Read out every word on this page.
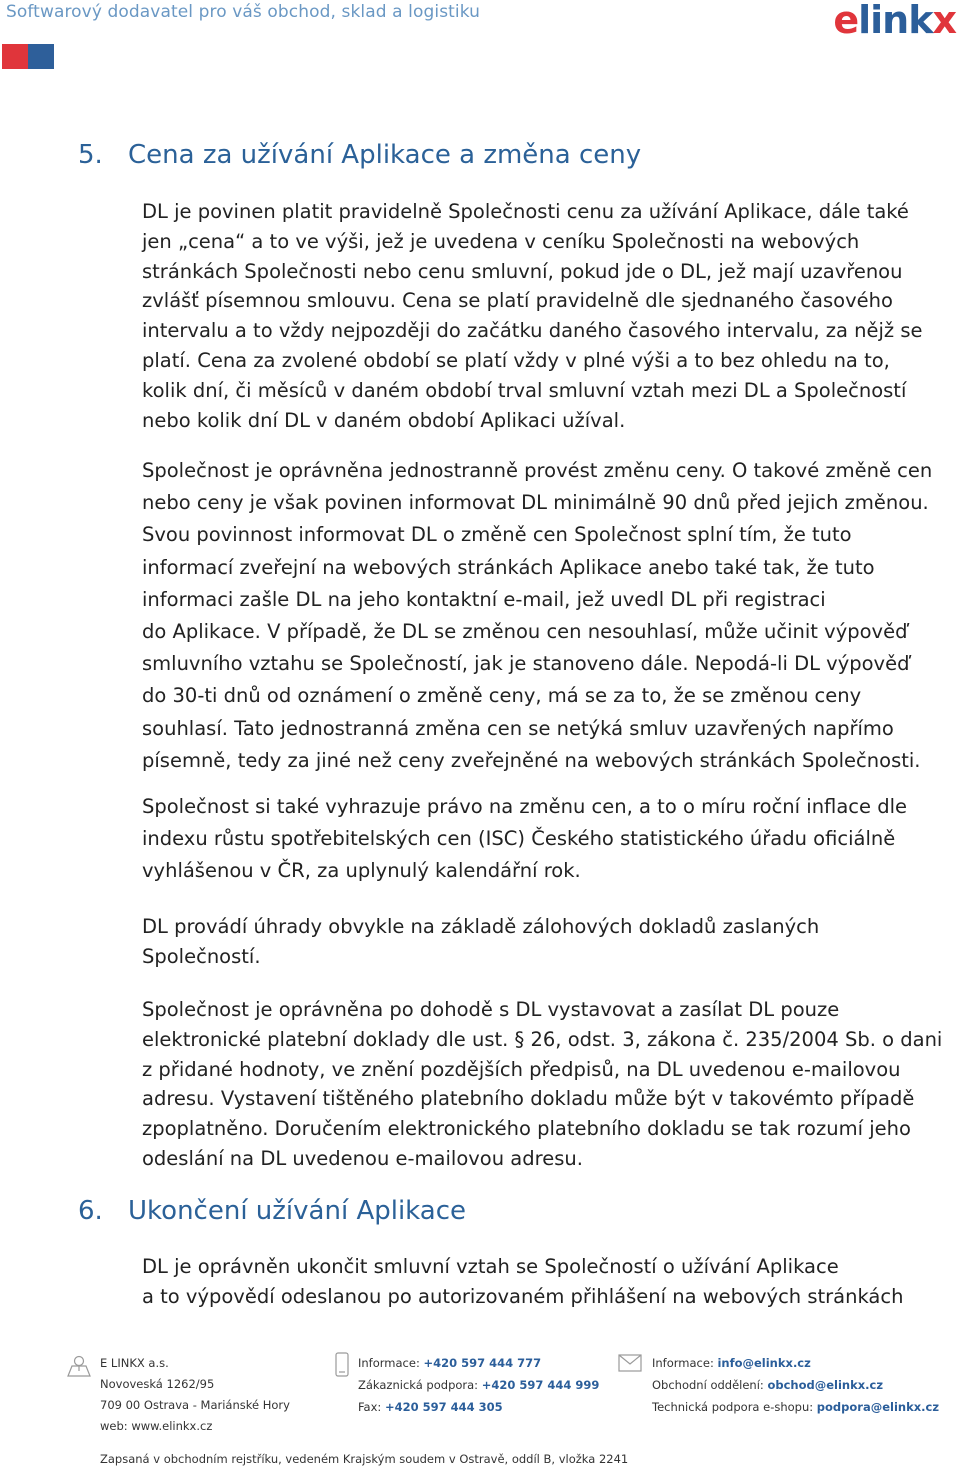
Softwarový dodavatel pro váš obchod, sklad a logistiku	elinkx
5. Cena za užívání Aplikace a změna ceny
DL je povinen platit pravidelně Společnosti cenu za užívání Aplikace, dále také
jen „cena“ a to ve výši, jež je uvedena v ceníku Společnosti na webových
stránkách Společnosti nebo cenu smluvní, pokud jde o DL, jež mají uzavřenou
zvlášť písemnou smlouvu. Cena se platí pravidelně dle sjednaného časového
intervalu a to vždy nejpozději do začátku daného časového intervalu, za nějž se
platí. Cena za zvolené období se platí vždy v plné výši a to bez ohledu na to,
kolik dní, či měsíců v daném období trval smluvní vztah mezi DL a Společností
nebo kolik dní DL v daném období Aplikaci užíval.
Společnost je oprávněna jednostranně provést změnu ceny. O takové změně cen
nebo ceny je však povinen informovat DL minimálně 90 dnů před jejich změnou.
Svou povinnost informovat DL o změně cen Společnost splní tím, že tuto
informací zveřejní na webových stránkách Aplikace anebo také tak, že tuto
informaci zašle DL na jeho kontaktní e-mail, jež uvedl DL při registraci
do Aplikace. V případě, že DL se změnou cen nesouhlasí, může učinit výpověď
smluvního vztahu se Společností, jak je stanoveno dále. Nepodá-li DL výpověď
do 30-ti dnů od oznámení o změně ceny, má se za to, že se změnou ceny
souhlasí. Tato jednostranná změna cen se netýká smluv uzavřených napřímo
písemně, tedy za jiné než ceny zveřejněné na webových stránkách Společnosti.
Společnost si také vyhrazuje právo na změnu cen, a to o míru roční inflace dle
indexu růstu spotřebitelských cen (ISC) Českého statistického úřadu oficiálně
vyhlášenou v ČR, za uplynulý kalendářní rok.
DL provádí úhrady obvykle na základě zálohových dokladů zaslaných
Společností.
Společnost je oprávněna po dohodě s DL vystavovat a zasílat DL pouze
elektronické platební doklady dle ust. § 26, odst. 3, zákona č. 235/2004 Sb. o dani
z přidané hodnoty, ve znění pozdějších předpisů, na DL uvedenou e-mailovou
adresu. Vystavení tištěného platebního dokladu může být v takovémto případě
zpoplatněno. Doručením elektronického platebního dokladu se tak rozumí jeho
odeslání na DL uvedenou e-mailovou adresu.
6. Ukončení užívání Aplikace
DL je oprávněn ukončit smluvní vztah se Společností o užívání Aplikace
a to výpovědí odeslanou po autorizovaném přihlášení na webových stránkách
E LINKX a.s.
Novoveská 1262/95
709 00 Ostrava - Mariánské Hory
web: www.elinkx.cz
Informace: +420 597 444 777
Zákaznická podpora: +420 597 444 999
Fax: +420 597 444 305
Informace: info@elinkx.cz
Obchodní oddělení: obchod@elinkx.cz
Technická podpora e-shopu: podpora@elinkx.cz
Zapsaná v obchodním rejstříku, vedeném Krajským soudem v Ostravě, oddíl B, vložka 2241
